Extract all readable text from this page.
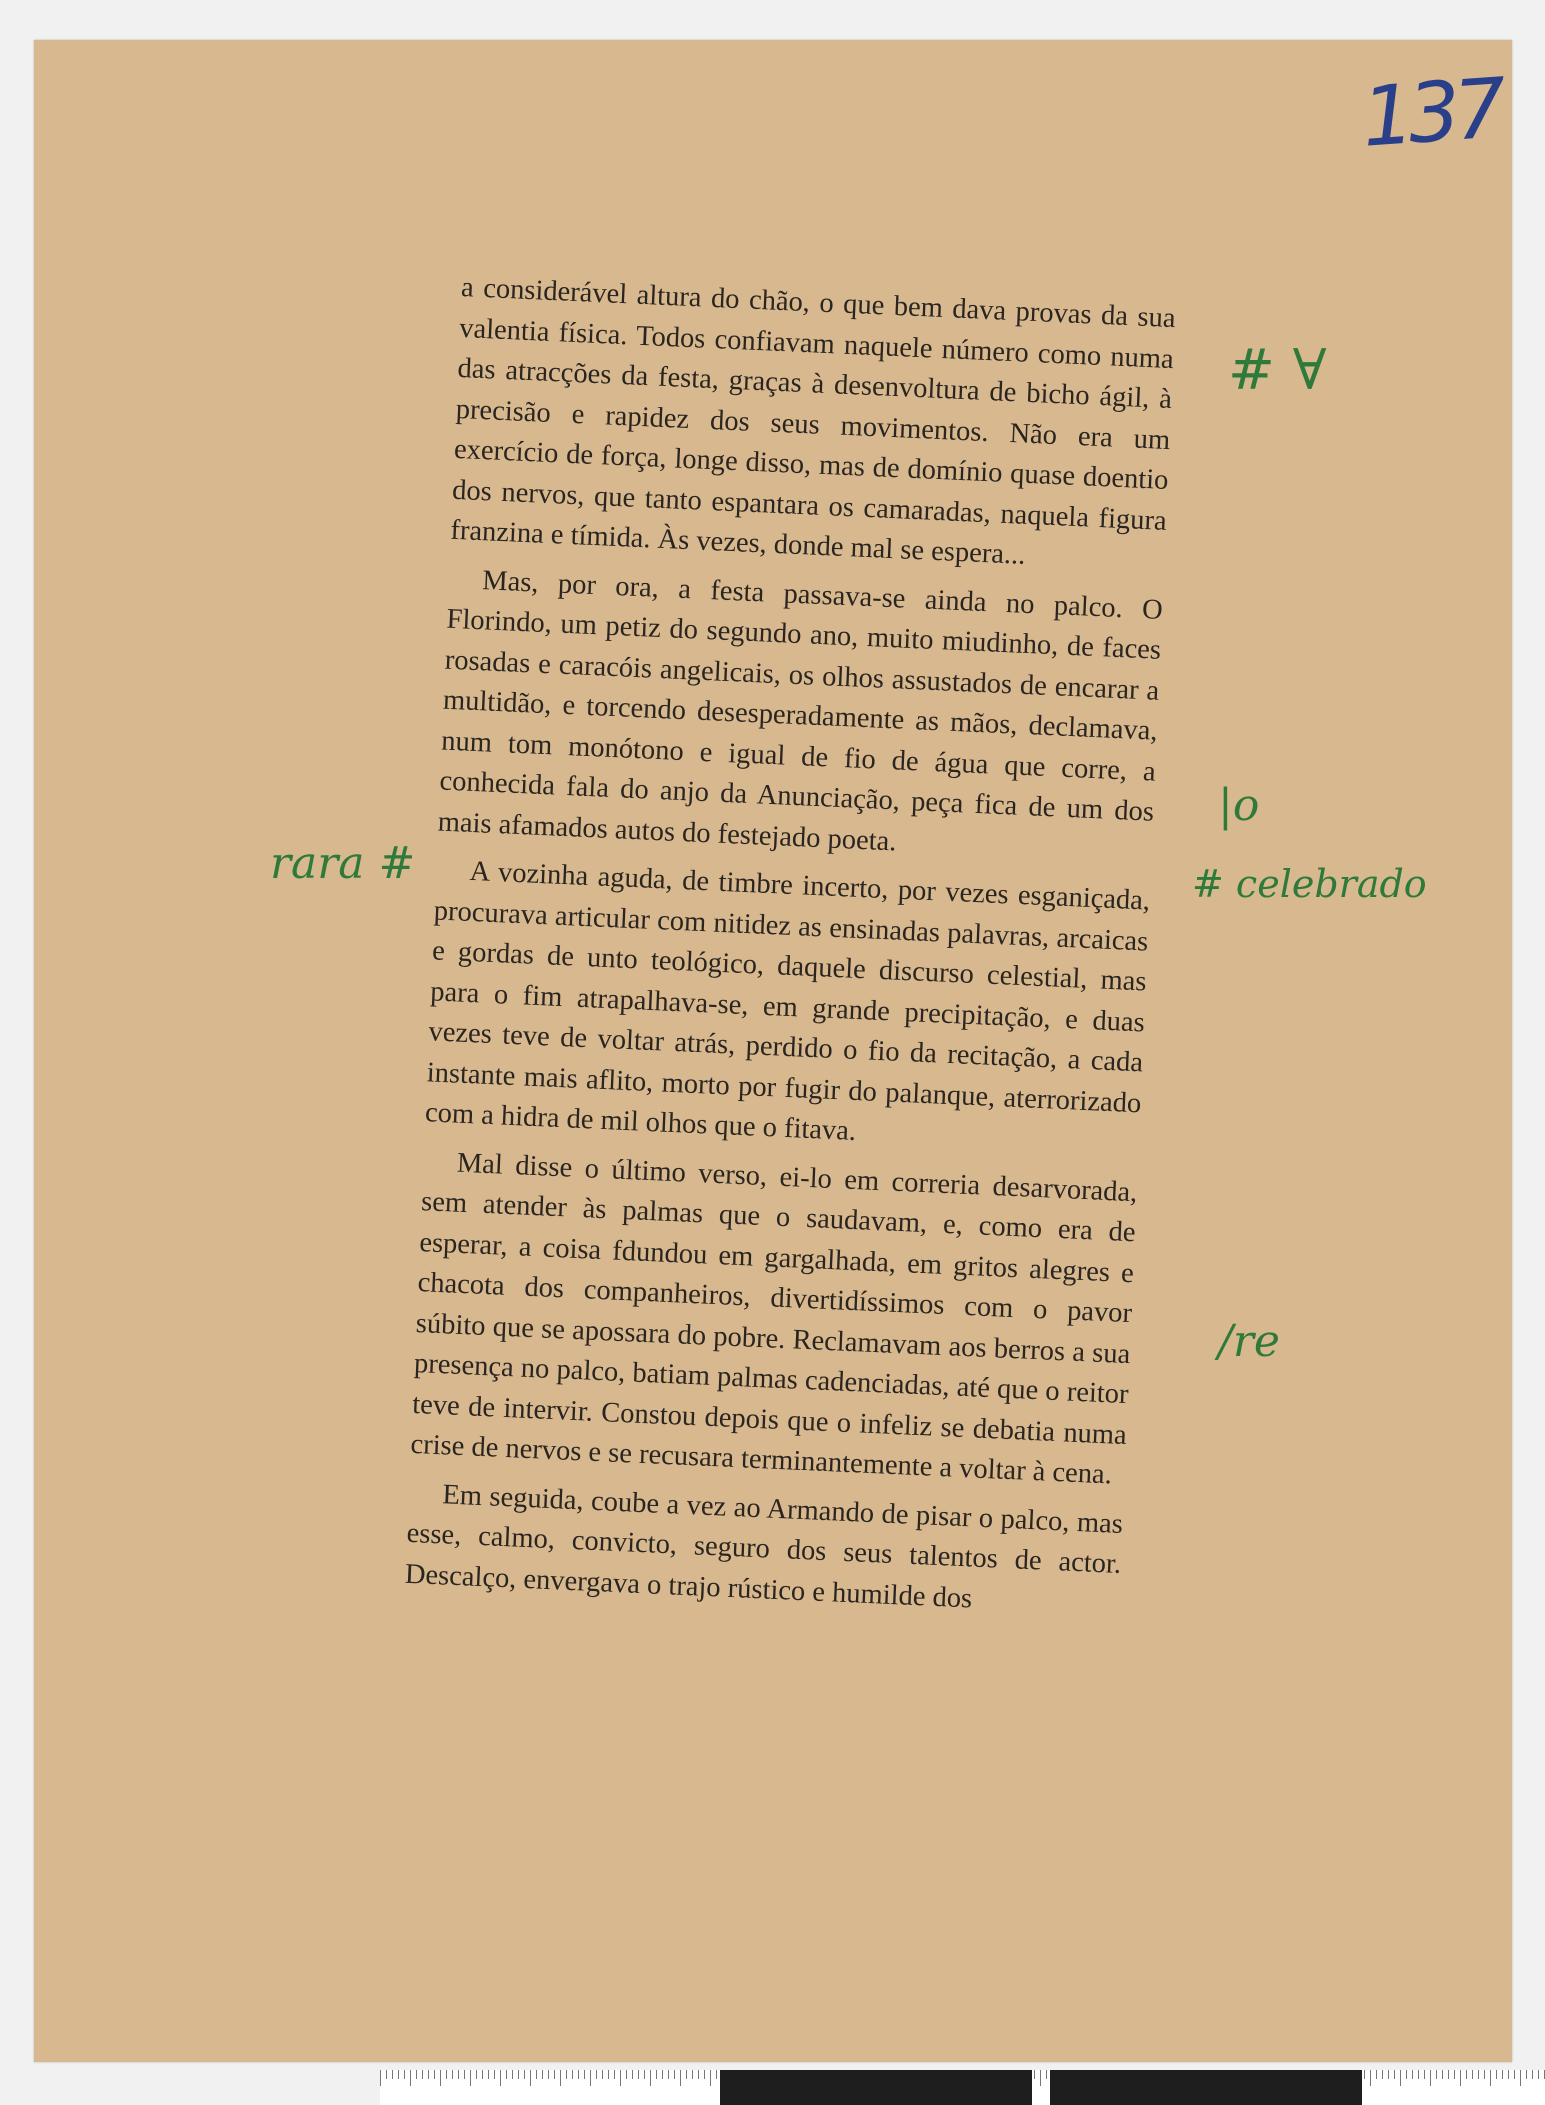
137

a considerável altura do chão, o que bem dava provas da sua valentia física. Todos confiavam naquele número como numa das atracções da festa, graças à desenvoltura de bicho ágil, à precisão e rapidez dos seus movimentos. Não era um exercício de força, longe disso, mas de domínio quase doentio dos nervos, que tanto espantara os camaradas, naquela figura franzina e tímida. Às vezes, donde mal se espera...

Mas, por ora, a festa passava-se ainda no palco. O Florindo, um petiz do segundo ano, muito miudinho, de faces rosadas e caracóis angelicais, os olhos assustados de encarar a multidão, e torcendo desesperadamente as mãos, declamava, num tom monótono e igual de fio de água que corre, a conhecida fala do anjo da Anunciação, peça fica de um dos mais afamados autos do festejado poeta.

A vozinha aguda, de timbre incerto, por vezes esganiçada, procurava articular com nitidez as ensinadas palavras, arcaicas e gordas de unto teológico, daquele discurso celestial, mas para o fim atrapalhava-se, em grande precipitação, e duas vezes teve de voltar atrás, perdido o fio da recitação, a cada instante mais aflito, morto por fugir do palanque, aterrorizado com a hidra de mil olhos que o fitava.

Mal disse o último verso, ei-lo em correria desarvorada, sem atender às palmas que o saudavam, e, como era de esperar, a coisa fdundou em gargalhada, em gritos alegres e chacota dos companheiros, divertidíssimos com o pavor súbito que se apossara do pobre. Reclamavam aos berros a sua presença no palco, batiam palmas cadenciadas, até que o reitor teve de intervir. Constou depois que o infeliz se debatia numa crise de nervos e se recusara terminantemente a voltar à cena.

Em seguida, coube a vez ao Armando de pisar o palco, mas esse, calmo, convicto, seguro dos seus talentos de actor. Descalço, envergava o trajo rústico e humilde dos

# ∀
|o
rara #	# celebrado
/re
